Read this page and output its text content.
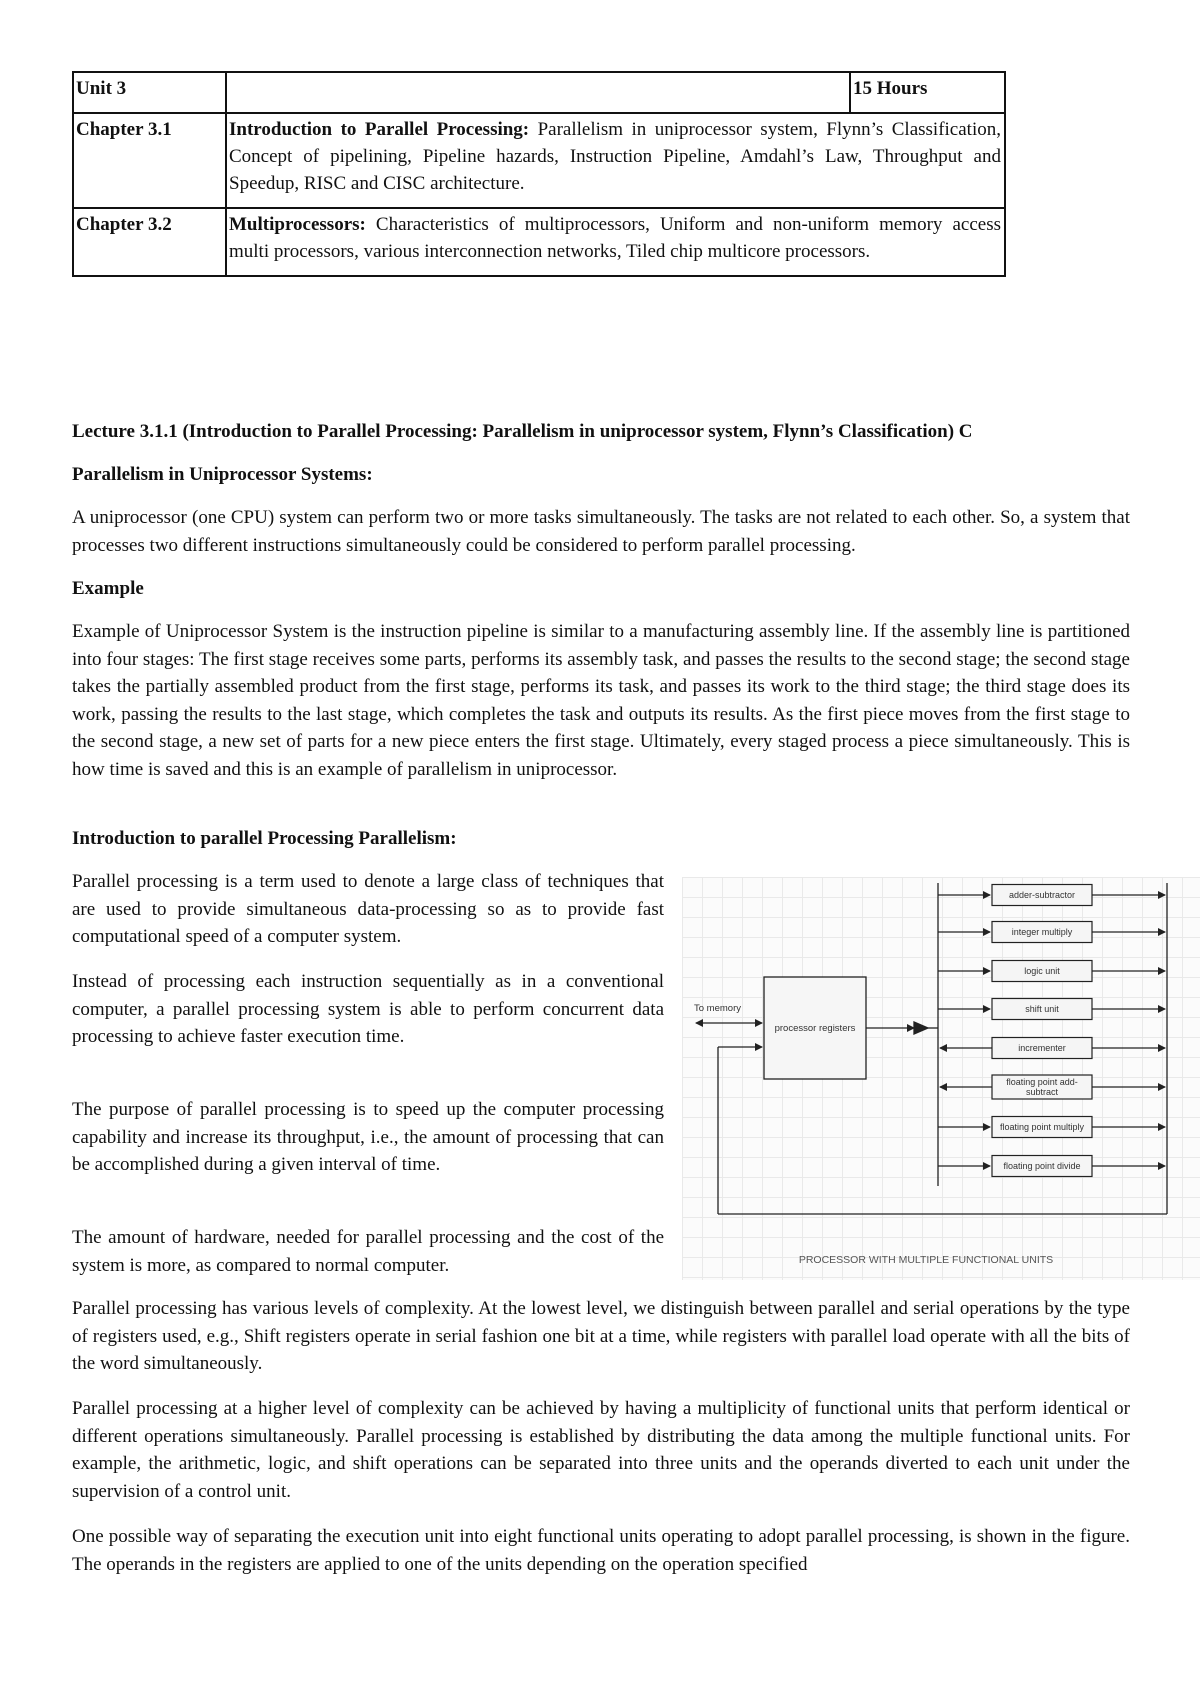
Unit 3		15 Hours
Chapter 3.1	Introduction to Parallel Processing: Parallelism in uniprocessor system, Flynn’s Classification, Concept of pipelining, Pipeline hazards, Instruction Pipeline, Amdahl’s Law, Throughput and Speedup, RISC and CISC architecture.	
Chapter 3.2	Multiprocessors: Characteristics of multiprocessors, Uniform and non-uniform memory access multi processors, various interconnection networks, Tiled chip multicore processors.	

Lecture 3.1.1 (Introduction to Parallel Processing: Parallelism in uniprocessor system, Flynn’s Classification) C

Parallelism in Uniprocessor Systems:

A uniprocessor (one CPU) system can perform two or more tasks simultaneously. The tasks are not related to each other. So, a system that processes two different instructions simultaneously could be considered to perform parallel processing.

Example

Example of Uniprocessor System is the instruction pipeline is similar to a manufacturing assembly line. If the assembly line is partitioned into four stages: The first stage receives some parts, performs its assembly task, and passes the results to the second stage; the second stage takes the partially assembled product from the first stage, performs its task, and passes its work to the third stage; the third stage does its work, passing the results to the last stage, which completes the task and outputs its results. As the first piece moves from the first stage to the second stage, a new set of parts for a new piece enters the first stage. Ultimately, every staged process a piece simultaneously. This is how time is saved and this is an example of parallelism in uniprocessor.

Introduction to parallel Processing Parallelism:

Parallel processing is a term used to denote a large class of techniques that are used to provide simultaneous data-processing so as to provide fast computational speed of a computer system.

Instead of processing each instruction sequentially as in a conventional computer, a parallel processing system is able to perform concurrent data processing to achieve faster execution time.

The purpose of parallel processing is to speed up the computer processing capability and increase its throughput, i.e., the amount of processing that can be accomplished during a given interval of time.

The amount of hardware, needed for parallel processing and the cost of the system is more, as compared to normal computer.

adder-subtractor
integer multiply
logic unit
shift unit
incrementer
floating point add-subtract
floating point multiply
floating point divide
To memory
processor registers
PROCESSOR WITH MULTIPLE FUNCTIONAL UNITS

Parallel processing has various levels of complexity. At the lowest level, we distinguish between parallel and serial operations by the type of registers used, e.g., Shift registers operate in serial fashion one bit at a time, while registers with parallel load operate with all the bits of the word simultaneously.

Parallel processing at a higher level of complexity can be achieved by having a multiplicity of functional units that perform identical or different operations simultaneously. Parallel processing is established by distributing the data among the multiple functional units. For example, the arithmetic, logic, and shift operations can be separated into three units and the operands diverted to each unit under the supervision of a control unit.

One possible way of separating the execution unit into eight functional units operating to adopt parallel processing, is shown in the figure. The operands in the registers are applied to one of the units depending on the operation specified
